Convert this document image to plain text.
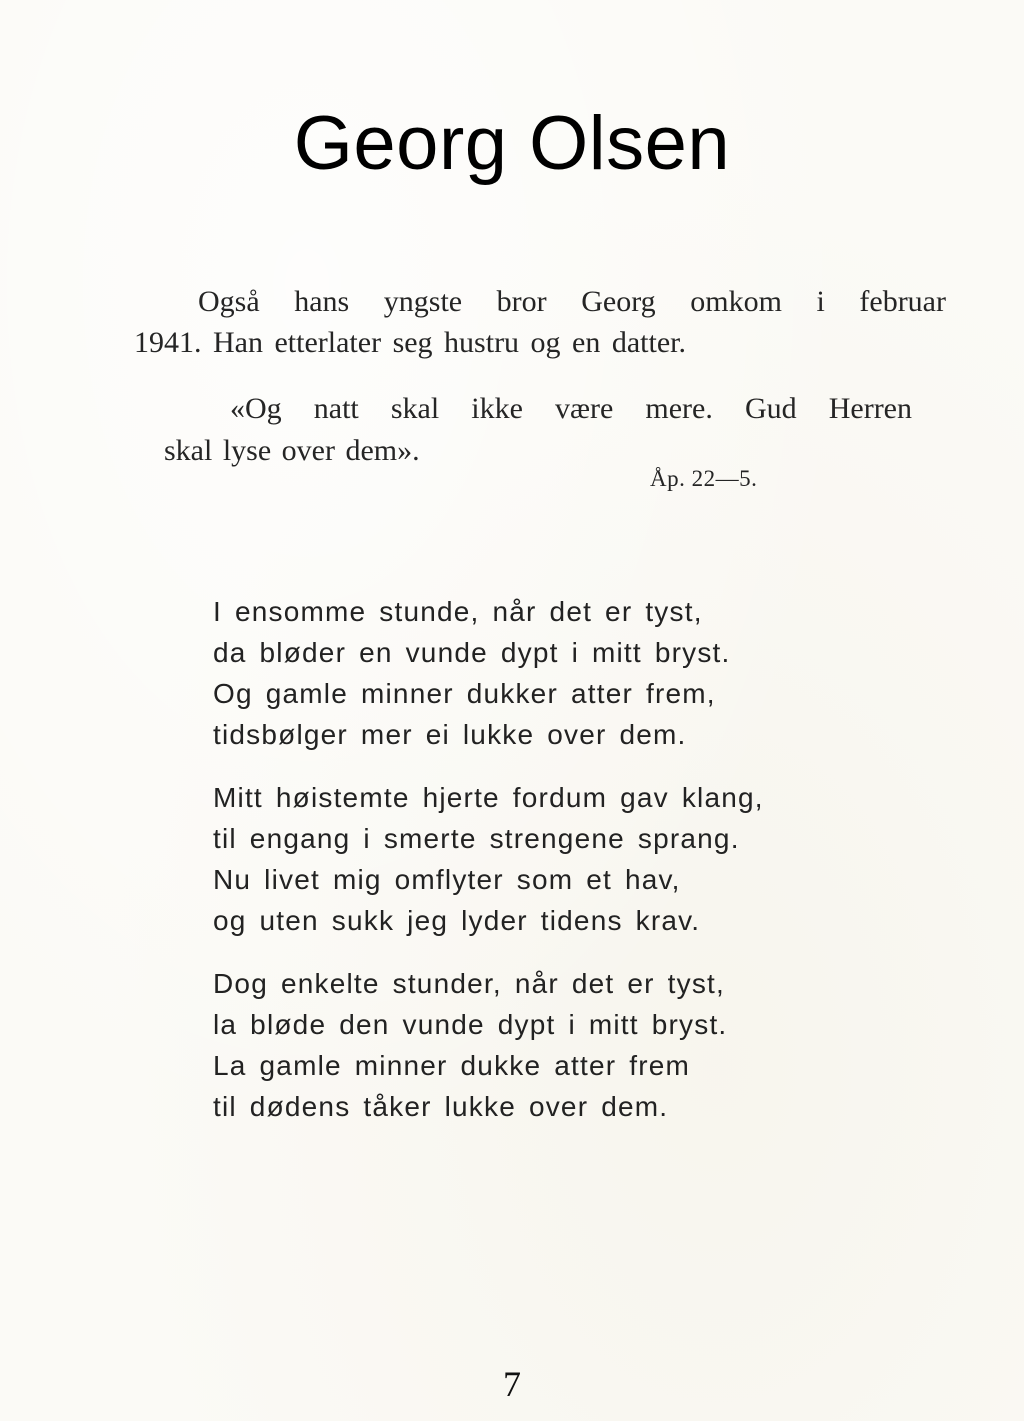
Georg Olsen

Også hans yngste bror Georg omkom i februar
1941. Han etterlater seg hustru og en datter.

«Og natt skal ikke være mere. Gud Herren
skal lyse over dem».

Åp. 22—5.
I ensomme stunde, når det er tyst,
da bløder en vunde dypt i mitt bryst.
Og gamle minner dukker atter frem,
tidsbølger mer ei lukke over dem.
Mitt høistemte hjerte fordum gav klang,
til engang i smerte strengene sprang.
Nu livet mig omflyter som et hav,
og uten sukk jeg lyder tidens krav.
Dog enkelte stunder, når det er tyst,
la bløde den vunde dypt i mitt bryst.
La gamle minner dukke atter frem
til dødens tåker lukke over dem.
7
